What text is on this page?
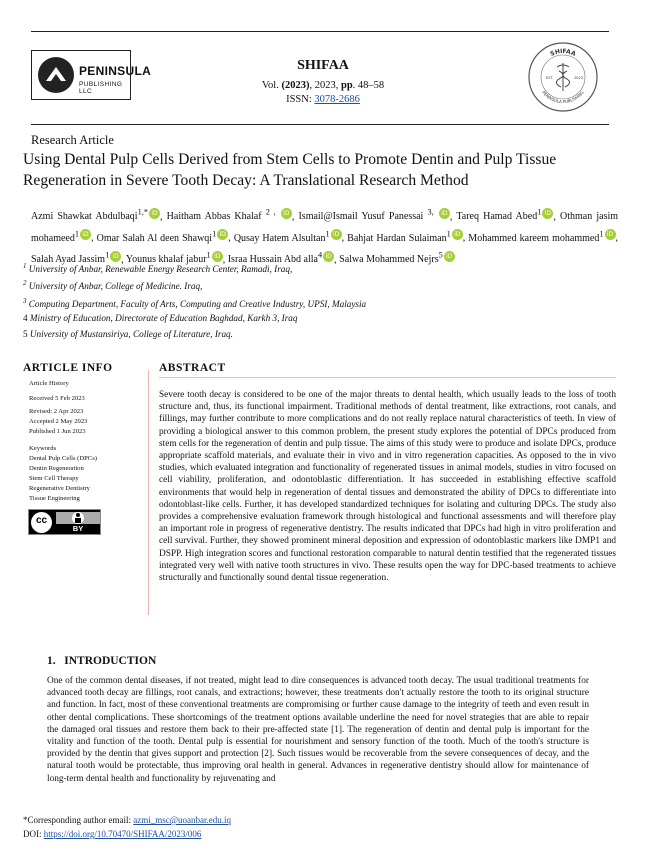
PENINSULA
PUBLISHING LLC
SHIFAA
Vol. (2023), 2023, pp. 48–58
ISSN: 3078-2686
SHIFAA
PENINSULA PUBLISHING
EST.	2023
Research Article
Using Dental Pulp Cells Derived from Stem Cells to Promote Dentin and Pulp Tissue
Regeneration in Severe Tooth Decay: A Translational Research Method
Azmi Shawkat Abdulbaqi$^{1,*}$ iD , Haitham Abbas Khalaf $^{2 ,}$ iD , Ismail@Ismail Yusuf Panessai $^{3,}$ iD , Tareq Hamad Abed$^1$ iD , Othman jasim mohameed$^1$ iD , Omar Salah Al deen Shawqi$^1$ iD , Qusay Hatem Alsultan$^1$ iD , Bahjat Hardan Sulaiman$^1$ iD , Mohammed kareem mohammed$^1$ iD , Salah Ayad Jassim$^1$ iD , Younus khalaf jabur$^1$ iD , Israa Hussain Abd alla$^4$ iD , Salwa Mohammed Nejrs$^5$ iD
$^1$ University of Anbar, Renewable Energy Research Center, Ramadi, Iraq,
$^2$ University of Anbar, College of Medicine. Iraq,
$^3$ Computing Department, Faculty of Arts, Computing and Creative Industry, UPSI, Malaysia
4 Ministry of Education, Directorate of Education Baghdad, Karkh 3, Iraq
5 University of Mustansiriya, College of Literature, Iraq.
ARTICLE INFO
Article History
Received 5 Feb 2023
Revised: 2 Apr 2023
Accepted 2 May 2023
Published 1 Jun 2023
Keywords
Dental Pulp Cells (DPCs)
Dentin Regeneration
Stem Cell Therapy
Regenerative Dentistry
Tissue Engineering
cc
BY
ABSTRACT
Severe tooth decay is considered to be one of the major threats to dental health, which usually leads to the loss of tooth structure and, thus, its functional impairment. Traditional methods of dental treatment, like extractions, root canals, and fillings, may further contribute to more complications and do not really replace natural characteristics of teeth. In view of providing a biological answer to this common problem, the present study explores the potential of DPCs produced from stem cells for the regeneration of dentin and pulp tissue. The aims of this study were to produce and isolate DPCs, produce appropriate scaffold materials, and evaluate their in vivo and in vitro regeneration capacities. As opposed to the in vivo studies, which evaluated integration and functionality of regenerated tissues in animal models, studies in vitro focused on cell viability, proliferation, and odontoblastic differentiation. It has succeeded in establishing effective scaffold environments that would help in regeneration of dental tissues and demonstrated the ability of DPCs to differentiate into odontoblast-like cells. Further, it has developed standardized techniques for isolating and culturing DPCs. The study also provides a comprehensive evaluation framework through histological and functional assessments and will therefore play an important role in progress of regenerative dentistry. The results indicated that DPCs had high in vitro proliferation and cell survival. Further, they showed prominent mineral deposition and expression of odontoblastic markers like DMP1 and DSPP. High integration scores and functional restoration comparable to natural dentin testified that the regenerated tissues integrated very well with native tooth structures in vivo. These results open the way for DPC-based treatments to achieve structurally and functionally sound dental tissue regeneration.
1.   INTRODUCTION
One of the common dental diseases, if not treated, might lead to dire consequences is advanced tooth decay. The usual traditional treatments for advanced tooth decay are fillings, root canals, and extractions; however, these treatments don't actually restore the tooth to its original structure and function. In fact, most of these conventional treatments are compromising or further cause damage to the integrity of teeth and even result in other dental complications. These shortcomings of the treatment options available underline the need for novel strategies that are able to repair the damaged oral tissues and restore them back to their pre-affected state [1]. The regeneration of dentin and dental pulp is important for the vitality and function of the tooth. Dental pulp is essential for nourishment and sensory function of the tooth. Much of the tooth's structure is provided by the dentin that gives support and protection [2]. Such tissues would be recoverable from the severe consequences of decay, and the natural tooth would be protectable, thus improving oral health in general. Advances in regenerative dentistry should allow for maintenance of long-term dental health and functionality by rejuvenating and
*Corresponding author email: azmi_msc@uoanbar.edu.iq
DOI: https://doi.org/10.70470/SHIFAA/2023/006
